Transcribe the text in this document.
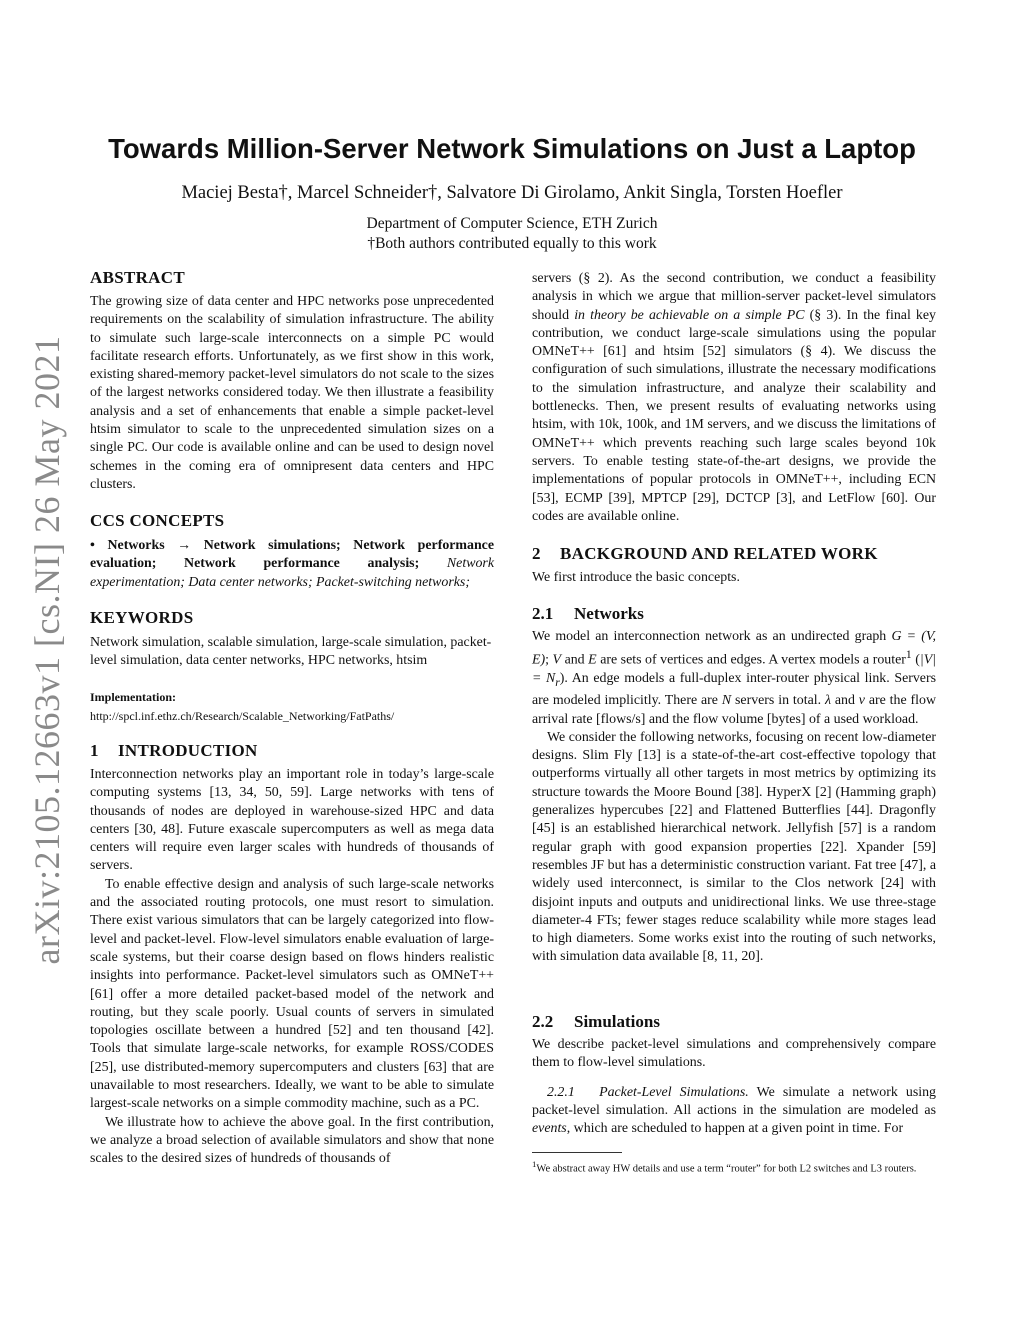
arXiv:2105.12663v1 [cs.NI] 26 May 2021
Towards Million-Server Network Simulations on Just a Laptop
Maciej Besta†, Marcel Schneider†, Salvatore Di Girolamo, Ankit Singla, Torsten Hoefler
Department of Computer Science, ETH Zurich
†Both authors contributed equally to this work
ABSTRACT

The growing size of data center and HPC networks pose unprecedented requirements on the scalability of simulation infrastructure. The ability to simulate such large-scale interconnects on a simple PC would facilitate research efforts. Unfortunately, as we first show in this work, existing shared-memory packet-level simulators do not scale to the sizes of the largest networks considered today. We then illustrate a feasibility analysis and a set of enhancements that enable a simple packet-level htsim simulator to scale to the unprecedented simulation sizes on a single PC. Our code is available online and can be used to design novel schemes in the coming era of omnipresent data centers and HPC clusters.

CCS CONCEPTS

• Networks → Network simulations; Network performance evaluation; Network performance analysis; Network experimentation; Data center networks; Packet-switching networks;

KEYWORDS

Network simulation, scalable simulation, large-scale simulation, packet-level simulation, data center networks, HPC networks, htsim

Implementation:
http://spcl.inf.ethz.ch/Research/Scalable_Networking/FatPaths/
1 INTRODUCTION

Interconnection networks play an important role in today’s large-scale computing systems [13, 34, 50, 59]. Large networks with tens of thousands of nodes are deployed in warehouse-sized HPC and data centers [30, 48]. Future exascale supercomputers as well as mega data centers will require even larger scales with hundreds of thousands of servers.

To enable effective design and analysis of such large-scale networks and the associated routing protocols, one must resort to simulation. There exist various simulators that can be largely categorized into flow-level and packet-level. Flow-level simulators enable evaluation of large-scale systems, but their coarse design based on flows hinders realistic insights into performance. Packet-level simulators such as OMNeT++ [61] offer a more detailed packet-based model of the network and routing, but they scale poorly. Usual counts of servers in simulated topologies oscillate between a hundred [52] and ten thousand [42]. Tools that simulate large-scale networks, for example ROSS/CODES [25], use distributed-memory supercomputers and clusters [63] that are unavailable to most researchers. Ideally, we want to be able to simulate largest-scale networks on a simple commodity machine, such as a PC.

We illustrate how to achieve the above goal. In the first contribution, we analyze a broad selection of available simulators and show that none scales to the desired sizes of hundreds of thousands of

servers (§ 2). As the second contribution, we conduct a feasibility analysis in which we argue that million-server packet-level simulators should in theory be achievable on a simple PC (§ 3). In the final key contribution, we conduct large-scale simulations using the popular OMNeT++ [61] and htsim [52] simulators (§ 4). We discuss the configuration of such simulations, illustrate the necessary modifications to the simulation infrastructure, and analyze their scalability and bottlenecks. Then, we present results of evaluating networks using htsim, with 10k, 100k, and 1M servers, and we discuss the limitations of OMNeT++ which prevents reaching such large scales beyond 10k servers. To enable testing state-of-the-art designs, we provide the implementations of popular protocols in OMNeT++, including ECN [53], ECMP [39], MPTCP [29], DCTCP [3], and LetFlow [60]. Our codes are available online.

2 BACKGROUND AND RELATED WORK

We first introduce the basic concepts.

2.1 Networks

We model an interconnection network as an undirected graph G = (V, E); V and E are sets of vertices and edges. A vertex models a router$^1$ $(|V| = N_r)$. An edge models a full-duplex inter-router physical link. Servers are modeled implicitly. There are N servers in total. λ and v are the flow arrival rate [flows/s] and the flow volume [bytes] of a used workload.

We consider the following networks, focusing on recent low-diameter designs. Slim Fly [13] is a state-of-the-art cost-effective topology that outperforms virtually all other targets in most metrics by optimizing its structure towards the Moore Bound [38]. HyperX [2] (Hamming graph) generalizes hypercubes [22] and Flattened Butterflies [44]. Dragonfly [45] is an established hierarchical network. Jellyfish [57] is a random regular graph with good expansion properties [22]. Xpander [59] resembles JF but has a deterministic construction variant. Fat tree [47], a widely used interconnect, is similar to the Clos network [24] with disjoint inputs and outputs and unidirectional links. We use three-stage diameter-4 FTs; fewer stages reduce scalability while more stages lead to high diameters. Some works exist into the routing of such networks, with simulation data available [8, 11, 20].

2.2 Simulations

We describe packet-level simulations and comprehensively compare them to flow-level simulations.

2.2.1 Packet-Level Simulations. We simulate a network using packet-level simulation. All actions in the simulation are modeled as events, which are scheduled to happen at a given point in time. For

$^1$We abstract away HW details and use a term “router” for both L2 switches and L3 routers.
